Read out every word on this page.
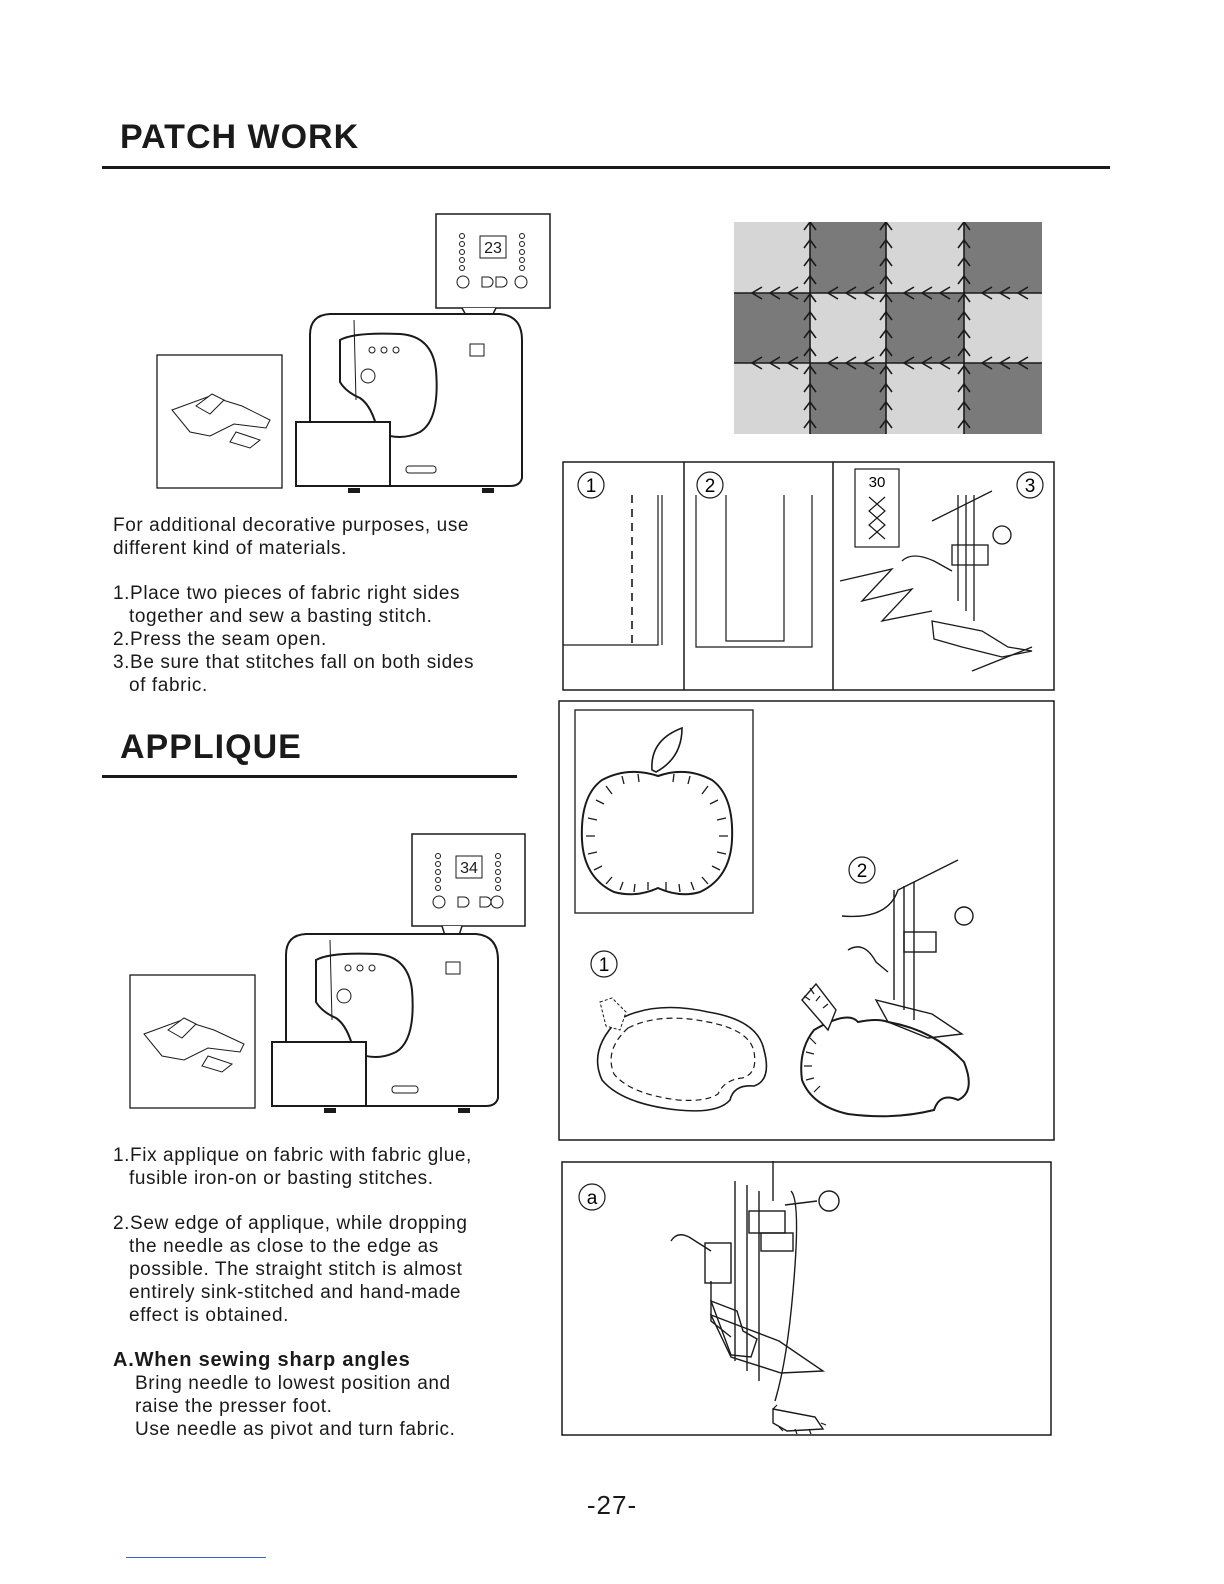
PATCH WORK
23

For additional decorative purposes, use

different kind of materials.

1.Place two pieces of fabric right sides

together and sew a basting stitch.

2.Press the seam open.

3.Be sure that stitches fall on both sides

of fabric.

1	2	30	3
APPLIQUE
34

1.Fix applique on fabric with fabric glue,

fusible iron-on or basting stitches.

2.Sew edge of applique, while dropping

the needle as close to the edge as

possible. The straight stitch is almost

entirely sink-stitched and hand-made

effect is obtained.

A.When sewing sharp angles

Bring needle to lowest position and

raise the presser foot.

Use needle as pivot and turn fabric.

1
2
a
-27-
